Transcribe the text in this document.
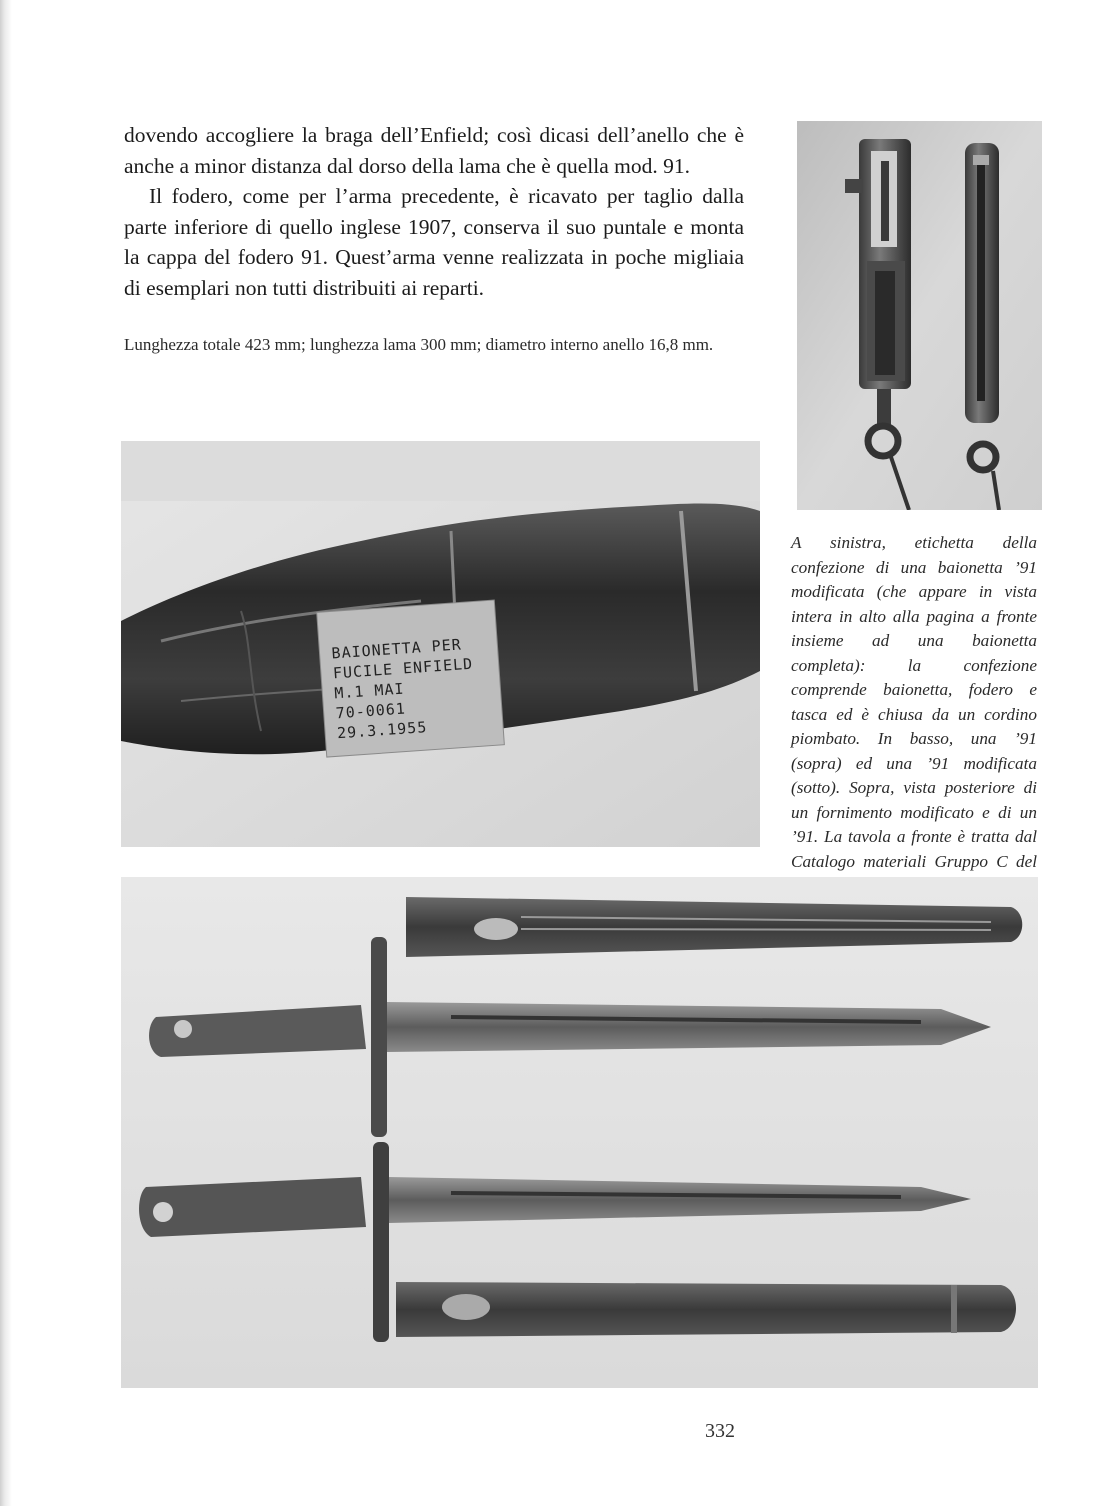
dovendo accogliere la braga dell’Enfield; così dicasi dell’anello che è anche a minor distanza dal dorso della lama che è quella mod. 91.

Il fodero, come per l’arma precedente, è ricavato per taglio dalla parte inferiore di quello inglese 1907, conserva il suo puntale e monta la cappa del fodero 91. Quest’arma venne realizzata in poche migliaia di esemplari non tutti distribuiti ai reparti.

Lunghezza totale 423 mm; lunghezza lama 300 mm; diametro interno anello 16,8 mm.

BAIONETTA PER
FUCILE ENFIELD
M.1 MAI
70-0061
29.3.1955

A sinistra, etichetta della confezione di una baionetta ’91 modificata (che appare in vista intera in alto alla pagina a fronte insieme ad una baionetta completa): la confezione comprende baionetta, fodero e tasca ed è chiusa da un cordino piombato. In basso, una ’91 (sopra) ed una ’91 modificata (sotto). Sopra, vista posteriore di un fornimento modificato e di un ’91. La tavola a fronte è tratta dal Catalogo materiali Gruppo C del

332
